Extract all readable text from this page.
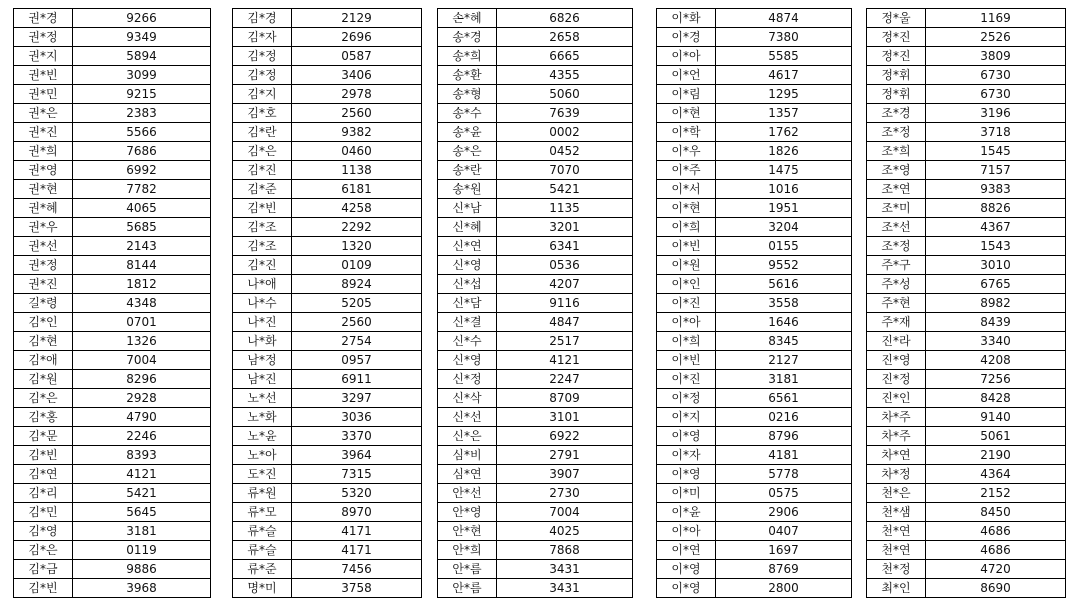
권*경	9266
권*정	9349
권*지	5894
권*빈	3099
권*민	9215
권*은	2383
권*진	5566
권*희	7686
권*영	6992
권*현	7782
권*혜	4065
권*우	5685
권*선	2143
권*정	8144
권*진	1812
길*령	4348
김*인	0701
김*현	1326
김*애	7004
김*원	8296
김*은	2928
김*홍	4790
김*문	2246
김*빈	8393
김*연	4121
김*리	5421
김*민	5645
김*영	3181
김*은	0119
김*금	9886
김*빈	3968
김*경	2129
김*자	2696
김*정	0587
김*정	3406
김*지	2978
김*호	2560
김*란	9382
김*은	0460
김*진	1138
김*준	6181
김*빈	4258
김*조	2292
김*조	1320
김*진	0109
나*애	8924
나*수	5205
나*진	2560
나*화	2754
남*정	0957
남*진	6911
노*선	3297
노*화	3036
노*윤	3370
노*아	3964
도*진	7315
류*원	5320
류*모	8970
류*슬	4171
류*슬	4171
류*준	7456
명*미	3758
손*혜	6826
송*경	2658
송*희	6665
송*환	4355
송*형	5060
송*수	7639
송*윤	0002
송*은	0452
송*란	7070
송*원	5421
신*남	1135
신*혜	3201
신*연	6341
신*영	0536
신*섭	4207
신*담	9116
신*결	4847
신*수	2517
신*영	4121
신*정	2247
신*삭	8709
신*선	3101
신*은	6922
심*비	2791
심*연	3907
안*선	2730
안*영	7004
안*현	4025
안*희	7868
안*름	3431
안*름	3431
이*화	4874
이*경	7380
이*아	5585
이*언	4617
이*림	1295
이*현	1357
이*학	1762
이*우	1826
이*주	1475
이*서	1016
이*현	1951
이*희	3204
이*빈	0155
이*원	9552
이*인	5616
이*진	3558
이*아	1646
이*희	8345
이*빈	2127
이*진	3181
이*정	6561
이*지	0216
이*영	8796
이*자	4181
이*영	5778
이*미	0575
이*윤	2906
이*아	0407
이*연	1697
이*영	8769
이*영	2800
정*울	1169
정*진	2526
정*진	3809
정*휘	6730
정*휘	6730
조*경	3196
조*정	3718
조*희	1545
조*영	7157
조*연	9383
조*미	8826
조*선	4367
조*정	1543
주*구	3010
주*성	6765
주*현	8982
주*재	8439
진*라	3340
진*영	4208
진*정	7256
진*인	8428
차*주	9140
차*주	5061
차*연	2190
차*정	4364
천*은	2152
천*샘	8450
천*연	4686
천*연	4686
천*정	4720
최*인	8690
